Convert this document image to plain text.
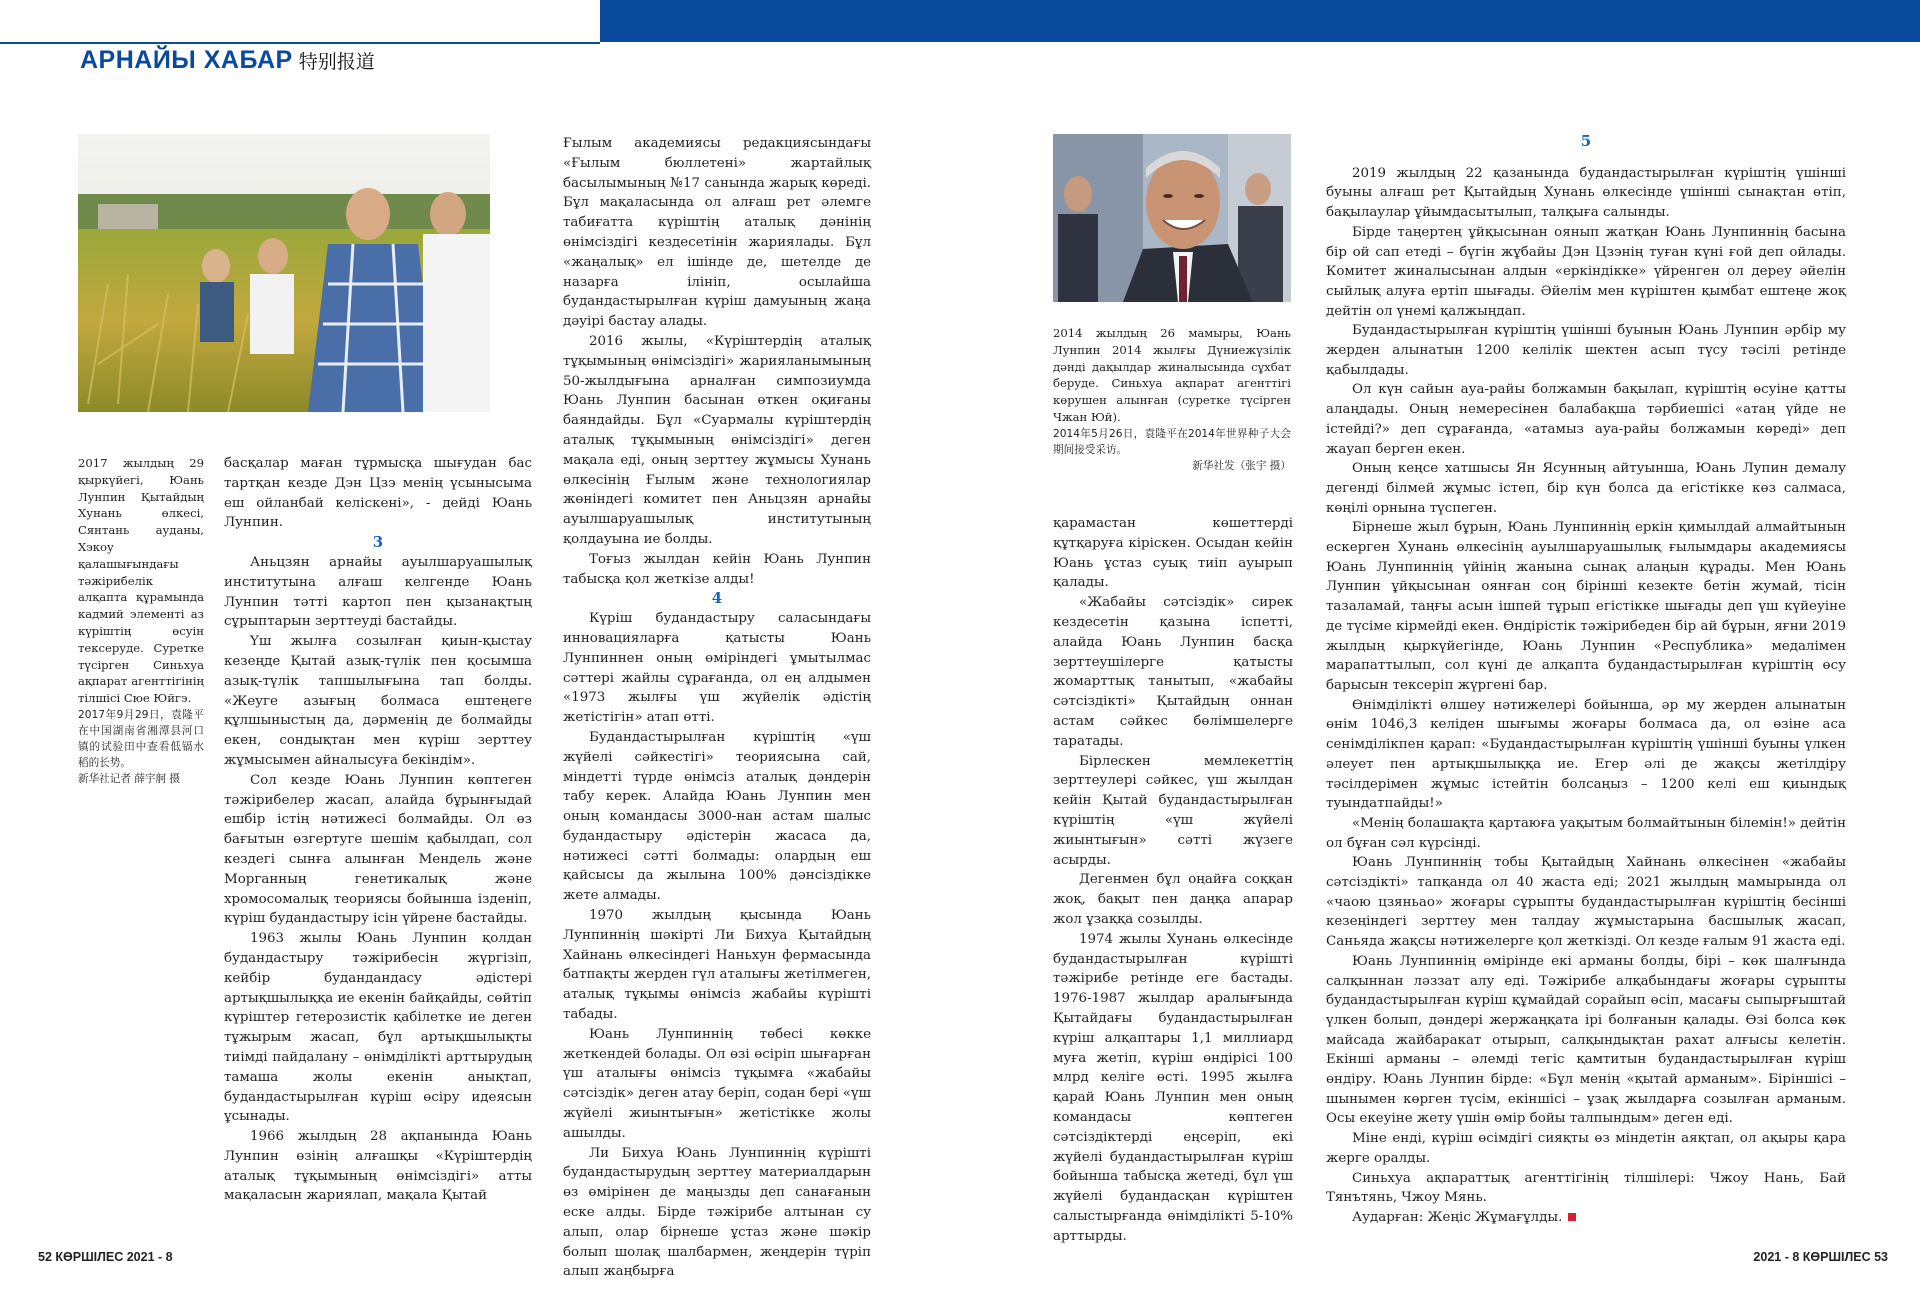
АРНАЙЫ ХАБАР 特别报道

2017 жылдың 29 қыркүйегі, Юань Лунпин Қытайдың Хунань өлкесі, Сянтань ауданы, Хэкоу қалашығындағы тәжірибелік алқапта құрамында кадмий элементі аз күріштің өсуін тексеруде. Суретке түсірген Синьхуа ақпарат агенттігінің тілшісі Сюе Юйгэ.

2017年9月29日，袁隆平在中国湖南省湘潭县河口镇的试验田中查看低镉水稻的长势。

新华社记者 薛宇舸 摄

басқалар маған тұрмысқа шығудан бас тартқан кезде Дэн Цзэ менің үсынысыма еш ойланбай келіскені», - дейді Юань Лунпин.

3

Аньцзян арнайы ауылшаруашылық институтына алғаш келгенде Юань Лунпин тәтті картоп пен қызанақтың сұрыптарын зерттеуді бастайды.

Үш жылға созылған қиын-қыстау кезеңде Қытай азық-түлік пен қосымша азық-түлік тапшылығына тап болды. «Жеуге азығың болмаса ештеңеге құлшыныстың да, дәрменің де болмайды екен, сондықтан мен күріш зерттеу жұмысымен айналысуға бекіндім».

Сол кезде Юань Лунпин көптеген тәжірибелер жасап, алайда бұрынғыдай ешбір істің нәтижесі болмайды. Ол өз бағытын өзгертуге шешім қабылдап, сол кездегі сынға алынған Мендель және Морганның генетикалық және хромосомалық теориясы бойынша ізденіп, күріш будандастыру ісін үйрене бастайды.

1963 жылы Юань Лунпин қолдан будандастыру тәжірибесін жүргізіп, кейбір будандандасу әдістері артықшылыққа ие екенін байқайды, сөйтіп күріштер гетерозистік қабілетке ие деген тұжырым жасап, бұл артықшылықты тиімді пайдалану – өнімділікті арттырудың тамаша жолы екенін анықтап, будандастырылған күріш өсіру идеясын ұсынады.

1966 жылдың 28 ақпанында Юань Лунпин өзінің алғашқы «Күріштердің аталық тұқымының өнімсіздігі» атты мақаласын жариялап, мақала Қытай

Ғылым академиясы редакциясындағы «Ғылым бюллетені» жартайлық басылымының №17 санында жарық көреді. Бұл мақаласында ол алғаш рет әлемге табиғатта күріштің аталық дәнінің өнімсіздігі кездесетінін жариялады. Бұл «жаңалық» ел ішінде де, шетелде де назарға ілініп, осылайша будандастырылған күріш дамуының жаңа дәуірі бастау алады.

2016 жылы, «Күріштердің аталық тұқымының өнімсіздігі» жарияланымының 50-жылдығына арналған симпозиумда Юань Лунпин басынан өткен оқиғаны баяндайды. Бұл «Суармалы күріштердің аталық тұқымының өнімсіздігі» деген мақала еді, оның зерттеу жұмысы Хунань өлкесінің Ғылым және технологиялар жөніндегі комитет пен Аньцзян арнайы ауылшаруашылық институтының қолдауына ие болды.

Тоғыз жылдан кейін Юань Лунпин табысқа қол жеткізе алды!

4

Күріш будандастыру саласындағы инновацияларға қатысты Юань Лунпиннен оның өміріндегі ұмытылмас сәттері жайлы сұрағанда, ол ең алдымен «1973 жылғы үш жүйелік әдістің жетістігін» атап өтті.

Будандастырылған күріштің «үш жүйелі сәйкестігі» теориясына сай, міндетті түрде өнімсіз аталық дәндерін табу керек. Алайда Юань Лунпин мен оның командасы 3000-нан астам шалыс будандастыру әдістерін жасаса да, нәтижесі сәтті болмады: олардың еш қайсысы да жылына 100% дәнсіздікке жете алмады.

1970 жылдың қысында Юань Лунпиннің шәкірті Ли Бихуа Қытайдың Хайнань өлкесіндегі Наньхун фермасында батпақты жерден гүл аталығы жетілмеген, аталық тұқымы өнімсіз жабайы күрішті табады.

Юань Лунпиннің төбесі көкке жеткендей болады. Ол өзі өсіріп шығарған үш аталығы өнімсіз тұқымға «жабайы сәтсіздік» деген атау беріп, содан бері «үш жүйелі жиынтығын» жетістікке жолы ашылды.

Ли Бихуа Юань Лунпиннің күрішті будандастырудың зерттеу материалдарын өз өмірінен де маңызды деп санағанын еске алды. Бірде тәжірибе алтынан су алып, олар бірнеше ұстаз және шәкір болып шолақ шалбармен, жеңдерін түріп алып жаңбырға

2014 жылдың 26 мамыры, Юань Лунпин 2014 жылғы Дүниежүзілік дәнді дақылдар жиналысында сұхбат беруде. Синьхуа ақпарат агенттігі көрушен алынған (суретке түсірген Чжан Юй).

2014年5月26日，袁隆平在2014年世界种子大会期间接受采访。

新华社发（张宇 摄）

қарамастан көшеттерді құтқаруға кіріскен. Осыдан кейін Юань ұстаз суық тиіп ауырып қалады.

«Жабайы сәтсіздік» сирек кездесетін қазына іспетті, алайда Юань Лунпин басқа зерттеушілерге қатысты жомарттық танытып, «жабайы сәтсіздікті» Қытайдың оннан астам сәйкес бөлімшелерге таратады.

Бірлескен мемлекеттің зерттеулері сәйкес, үш жылдан кейін Қытай будандастырылған күріштің «үш жүйелі жиынтығын» сәтті жүзеге асырды.

Дегенмен бұл оңайға соққан жоқ, бақыт пен даңқа апарар жол ұзаққа созылды.

1974 жылы Хунань өлкесінде будандастырылған күрішті тәжірибе ретінде еге бастады. 1976-1987 жылдар аралығында Қытайдағы будандастырылған күріш алқаптары 1,1 миллиард муға жетіп, күріш өндірісі 100 млрд келіге өсті. 1995 жылға қарай Юань Лунпин мен оның командасы көптеген сәтсіздіктерді еңсеріп, екі жүйелі будандастырылған күріш бойынша табысқа жетеді, бұл үш жүйелі будандасқан күріштен салыстырғанда өнімділікті 5-10% арттырды.

5

2019 жылдың 22 қазанында будандастырылған күріштің үшінші буыны алғаш рет Қытайдың Хунань өлкесінде үшінші сынақтан өтіп, бақылаулар ұйымдасытылып, талқыға салынды.

Бірде таңертең ұйқысынан оянып жатқан Юань Лунпиннің басына бір ой сап етеді – бүгін жұбайы Дэн Цзэнің туған күні ғой деп ойлады. Комитет жиналысынан алдын «еркіндікке» үйренген ол дереу әйелін сыйлық алуға ертіп шығады. Әйелім мен күріштен қымбат ештеңе жоқ дейтін ол үнемі қалжыңдап.

Будандастырылған күріштің үшінші буынын Юань Лунпин әрбір му жерден алынатын 1200 келілік шектен асып түсу тәсілі ретінде қабылдады.

Ол күн сайын ауа-райы болжамын бақылап, күріштің өсуіне қатты алаңдады. Оның немересінен балабақша тәрбиешісі «атаң үйде не істейді?» деп сұрағанда, «атамыз ауа-райы болжамын көреді» деп жауап берген екен.

Оның кеңсе хатшысы Ян Ясунның айтуынша, Юань Лупин демалу дегенді білмей жұмыс істеп, бір күн болса да егістікке көз салмаса, көңілі орнына түспеген.

Бірнеше жыл бұрын, Юань Лунпиннің еркін қимылдай алмайтынын ескерген Хунань өлкесінің ауылшаруашылық ғылымдары академиясы Юань Лунпиннің үйінің жанына сынақ алаңын құрады. Мен Юань Лунпин ұйқысынан оянған соң бірінші кезекте бетін жумай, тісін тазаламай, таңғы асын ішпей тұрып егістікке шығады деп үш күйеуіне де түсіме кірмейді екен. Өндірістік тәжірибеден бір ай бұрын, яғни 2019 жылдың қыркүйегінде, Юань Лунпин «Республика» медалімен марапаттылып, сол күні де алқапта будандастырылған күріштің өсу барысын тексеріп жүргені бар.

Өнімділікті өлшеу нәтижелері бойынша, әр му жерден алынатын өнім 1046,3 келіден шығымы жоғары болмаса да, ол өзіне аса сенімділікпен қарап: «Будандастырылған күріштің үшінші буыны үлкен әлеует пен артықшылыққа ие. Егер әлі де жақсы жетілдіру тәсілдерімен жұмыс істейтін болсаңыз – 1200 келі еш қиындық туындатпайды!»

«Менің болашақта қартаюға уақытым болмайтынын білемін!» дейтін ол бұған сәл күрсінді.

Юань Лунпиннің тобы Қытайдың Хайнань өлкесінен «жабайы сәтсіздікті» тапқанда ол 40 жаста еді; 2021 жылдың мамырында ол «чаою цзяньао» жоғары сұрыпты будандастырылған күріштің бесінші кезеңіндегі зерттеу мен талдау жұмыстарына басшылық жасап, Саньяда жақсы нәтижелерге қол жеткізді. Ол кезде ғалым 91 жаста еді.

Юань Лунпиннің өмірінде екі арманы болды, бірі – көк шалғында салқыннан ләззат алу еді. Тәжірибе алқабындағы жоғары сұрыпты будандастырылған күріш құмайдай сорайып өсіп, масағы сыпырғыштай үлкен болып, дәндері жержаңқата ірі болғанын қалады. Өзі болса көк майсада жайбаракат отырып, салқындықтан рахат алғысы келетін. Екінші арманы – әлемді тегіс қамтитын будандастырылған күріш өндіру. Юань Лунпин бірде: «Бұл менің «қытай арманым». Біріншісі – шынымен көрген түсім, екіншісі – ұзақ жылдарға созылған арманым. Осы екеуіне жету үшін өмір бойы талпындым» деген еді.

Міне енді, күріш өсімдігі сияқты өз міндетін аяқтап, ол ақыры қара жерге оралды.

Синьхуа ақпараттық агенттігінің тілшілері: Чжоу Нань, Бай Тянътянь, Чжоу Мянь.

Аударған: Жеңіс Жұмағұлды.

52 КӨРШІЛЕС 2021 - 8	2021 - 8 КӨРШІЛЕС 53
